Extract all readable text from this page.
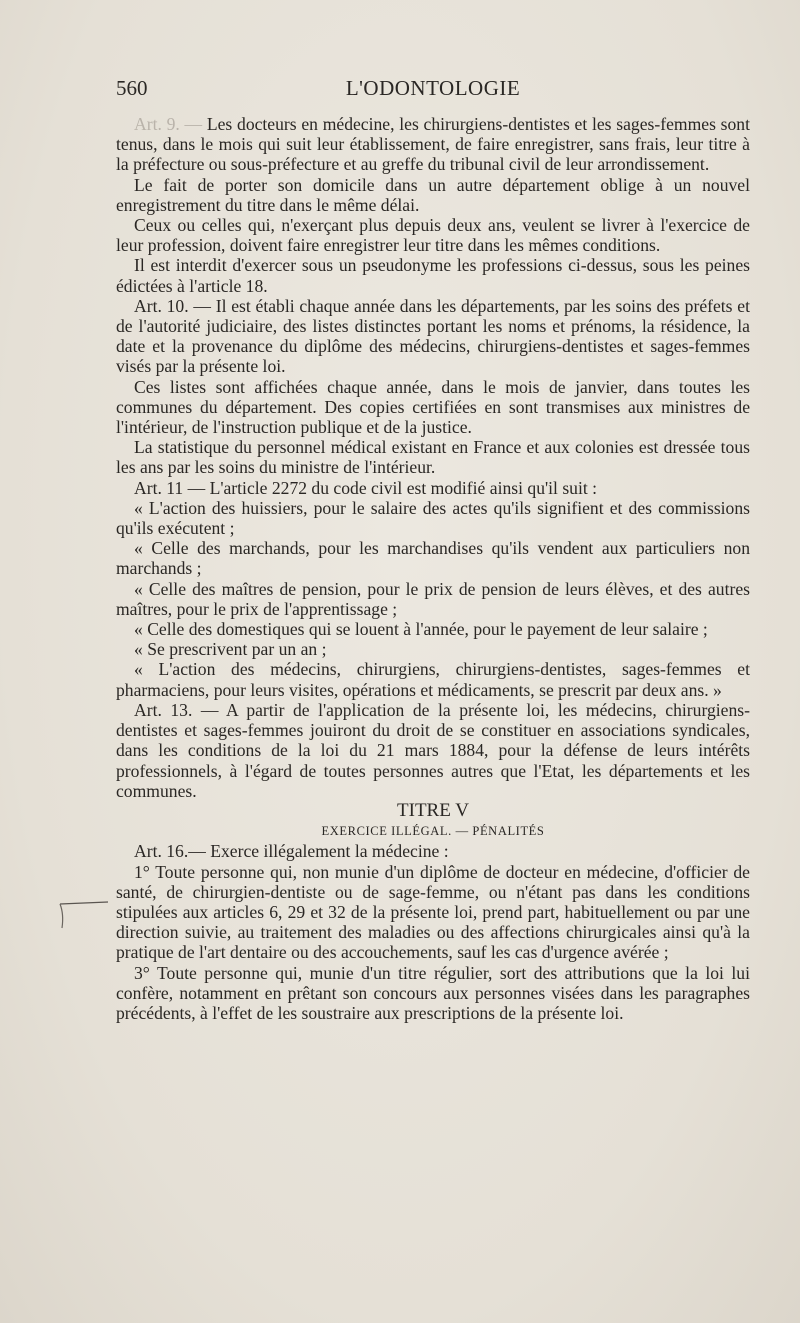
560	L'ODONTOLOGIE

Art. 9. — Les docteurs en médecine, les chirurgiens-dentistes et les sages-femmes sont tenus, dans le mois qui suit leur établissement, de faire enregistrer, sans frais, leur titre à la préfecture ou sous-préfecture et au greffe du tribunal civil de leur arrondissement.

Le fait de porter son domicile dans un autre département oblige à un nouvel enregistrement du titre dans le même délai.

Ceux ou celles qui, n'exerçant plus depuis deux ans, veulent se livrer à l'exercice de leur profession, doivent faire enregistrer leur titre dans les mêmes conditions.

Il est interdit d'exercer sous un pseudonyme les professions ci-dessus, sous les peines édictées à l'article 18.

Art. 10. — Il est établi chaque année dans les départements, par les soins des préfets et de l'autorité judiciaire, des listes distinctes portant les noms et prénoms, la résidence, la date et la provenance du diplôme des médecins, chirurgiens-dentistes et sages-femmes visés par la présente loi.

Ces listes sont affichées chaque année, dans le mois de janvier, dans toutes les communes du département. Des copies certifiées en sont transmises aux ministres de l'intérieur, de l'instruction publique et de la justice.

La statistique du personnel médical existant en France et aux colonies est dressée tous les ans par les soins du ministre de l'intérieur.

Art. 11 — L'article 2272 du code civil est modifié ainsi qu'il suit :

« L'action des huissiers, pour le salaire des actes qu'ils signifient et des commissions qu'ils exécutent ;

« Celle des marchands, pour les marchandises qu'ils vendent aux particuliers non marchands ;

« Celle des maîtres de pension, pour le prix de pension de leurs élèves, et des autres maîtres, pour le prix de l'apprentissage ;

« Celle des domestiques qui se louent à l'année, pour le payement de leur salaire ;

« Se prescrivent par un an ;

« L'action des médecins, chirurgiens, chirurgiens-dentistes, sages-femmes et pharmaciens, pour leurs visites, opérations et médicaments, se prescrit par deux ans. »

Art. 13. — A partir de l'application de la présente loi, les médecins, chirurgiens-dentistes et sages-femmes jouiront du droit de se constituer en associations syndicales, dans les conditions de la loi du 21 mars 1884, pour la défense de leurs intérêts professionnels, à l'égard de toutes personnes autres que l'Etat, les départements et les communes.

TITRE V

EXERCICE ILLÉGAL. — PÉNALITÉS

Art. 16.— Exerce illégalement la médecine :

1° Toute personne qui, non munie d'un diplôme de docteur en médecine, d'officier de santé, de chirurgien-dentiste ou de sage-femme, ou n'étant pas dans les conditions stipulées aux articles 6, 29 et 32 de la présente loi, prend part, habituellement ou par une direction suivie, au traitement des maladies ou des affections chirurgicales ainsi qu'à la pratique de l'art dentaire ou des accouchements, sauf les cas d'urgence avérée ;

3° Toute personne qui, munie d'un titre régulier, sort des attributions que la loi lui confère, notamment en prêtant son concours aux personnes visées dans les paragraphes précédents, à l'effet de les soustraire aux prescriptions de la présente loi.
